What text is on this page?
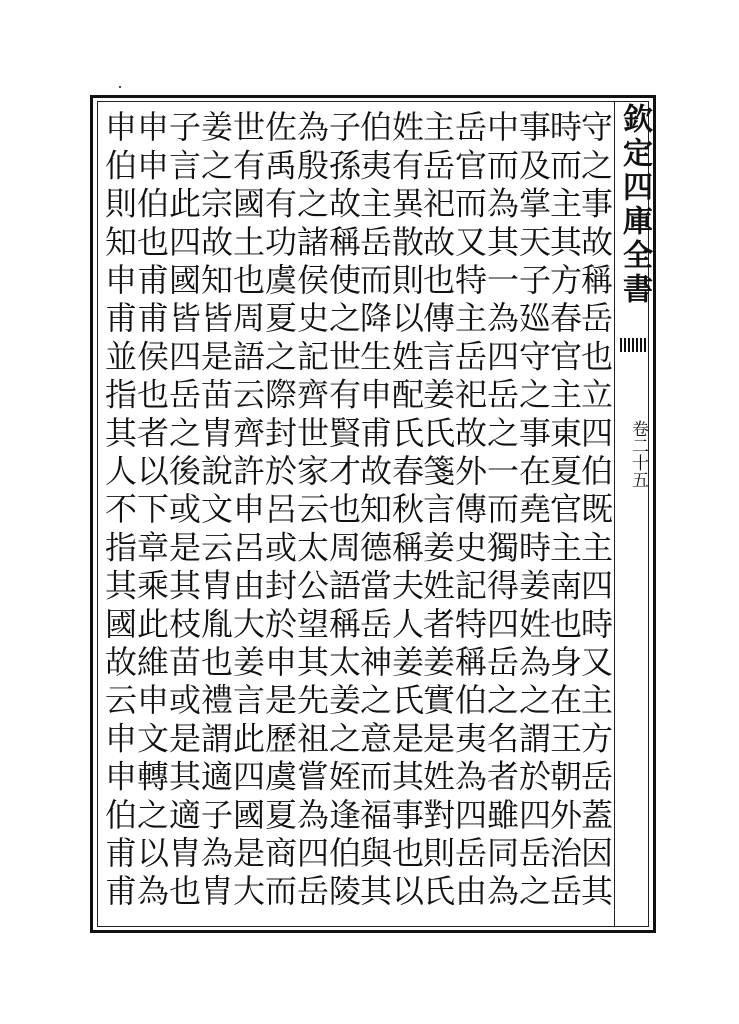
欽定四庫全書
卷二十五
守之事故稱岳也立四伯既主四時又主方岳蓋因其
時而主其方春官主東夏官主南也身在王朝外治岳
事及掌天子廵守之事在堯時姜姓為之謂於四岳之
中而為其一為四岳之一而獨得四岳之名者雖同為
岳官而又特主岳祀故外傳史記特稱伯夷為四岳由
主岳祀故也傳言姜氏箋言姜姓者姜實是姓對則氏
姓有異散則以姓配氏春秋稱夫人姜氏是其事也以
伯夷主岳而降生申甫故知德當岳神之意而福與其
子孫故稱使之世有賢才也周語稱太姜之姪逢伯陵
為殷之諸侯史記齊世家云太公望其先祖嘗為四岳
佐禹有功虞夏之際封於呂或封於申是歷虞夏商而
世有國土也周語云齊許申呂由大姜言此四國是大
姜之宗故知皆是苗胄說文云胄胤也禮謂適子為胄
子言此四國皆四岳之後或是其枝苗或是其適胄也
申申伯也甫甫侯也者以下章乘此維申文轉之以為
申伯則知申甫並指其人不指其國故云申申伯甫甫
